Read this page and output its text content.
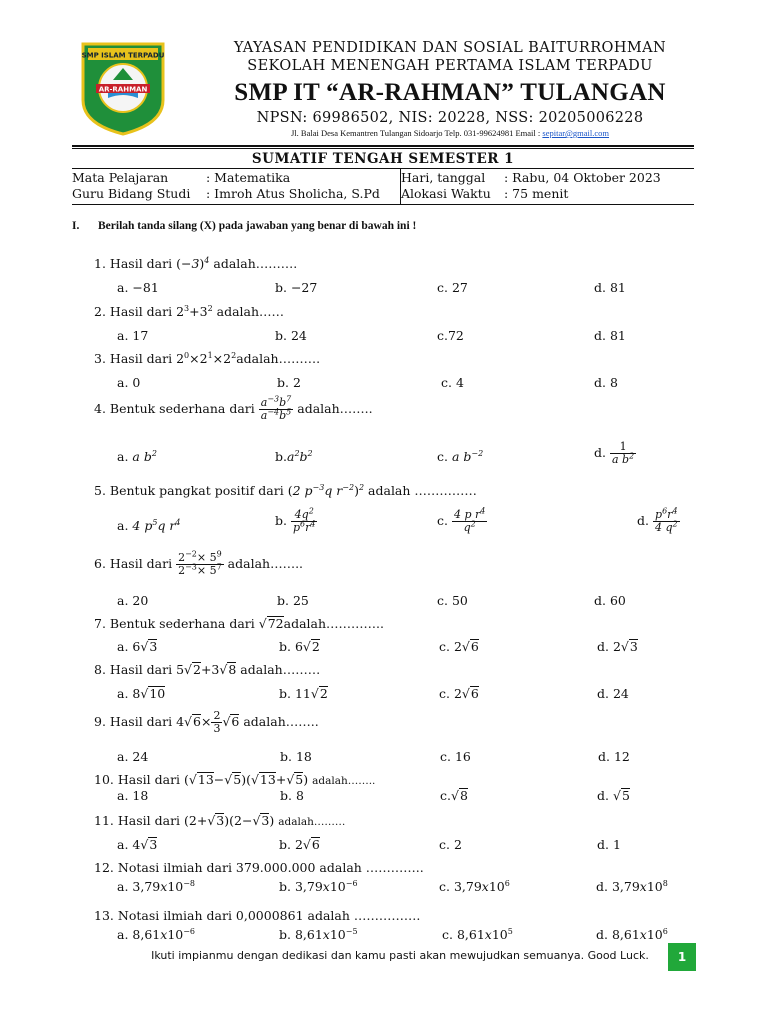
SMP ISLAM TERPADU
AR-RAHMAN
YAYASAN PENDIDIKAN DAN SOSIAL BAITURROHMAN
SEKOLAH MENENGAH PERTAMA ISLAM TERPADU
SMP IT “AR-RAHMAN” TULANGAN
NPSN: 69986502, NIS: 20228, NSS: 20205006228
Jl. Balai Desa Kemantren Tulangan Sidoarjo Telp. 031-99624981 Email : sepitar@gmail.com
SUMATIF TENGAH SEMESTER 1
Mata Pelajaran	: Matematika
Guru Bidang Studi : Imroh Atus Sholicha, S.Pd
Hari, tanggal : Rabu, 04 Oktober 2023
Alokasi Waktu : 75 menit
I. Berilah tanda silang (X) pada jawaban yang benar di bawah ini !
1. Hasil dari $(-3)^4$ adalah……….
a. −81	b. −27	c. 27	d. 81
2. Hasil dari $2^3+3^2$ adalah……
a. 17	b. 24	c.72	d. 81
3. Hasil dari $2^0\times 2^1\times 2^2adalah\dots\dots\dots$.
a. 0	b. 2	c. 4	d. 8
4. Bentuk sederhana dari $\frac{a^{-3}b^7}{a^{-4}b^5}$ adalah……..
a. a $b^2$	$b.a^2b^2$	c. a $b^{-2}$	d. $\frac{1}{a b^2}$
5. Bentuk pangkat positif dari (2 $p^{-3}q$ $r^{-2})^2$ adalah ……………
a. 4 $p^5q$ $r^4$	b. $\frac{4q^2}{p^6r^4}$	c. $\frac{4 p r^4}{q^2}$	d. $\frac{p^6r^4}{4 q^2}$
6. Hasil dari $\frac{2^{-2}\times 5^9}{2^{-3}\times 5^7}$ adalah……..
a. 20	b. 25	c. 50	d. 60
7. Bentuk sederhana dari √72adalah…………..
a. 6√3	b. 6√2	c. 2√6	d. 2√3
8. Hasil dari 5√2+3√8 adalah………
a. 8√10	b. 11√2	c. 2√6	d. 24
9. Hasil dari $4√6\times \frac{2}{3} √6$ adalah……..
a. 24	b. 18	c. 16	d. 12
10. Hasil dari (√13−√5)(√13+√5) adalah……..
a. 18	b. 8	c.√8	d. √5
11. Hasil dari (2+√3)(2−√3) adalah………
a. 4√3	b. 2√6	c. 2	d. 1
12. Notasi ilmiah dari 379.000.000 adalah …………..
a. $3,79x10^{-8}$	b. $3,79x10^{-6}$	c. $3,79x10^6$	d. $3,79x10^8$
13. Notasi ilmiah dari 0,0000861 adalah …………….
a. $8,61x10^{-6}$	b. $8,61x10^{-5}$	c. $8,61x10^5$	d. $8,61x10^6$
Ikuti impianmu dengan dedikasi dan kamu pasti akan mewujudkan semuanya. Good Luck.	1
